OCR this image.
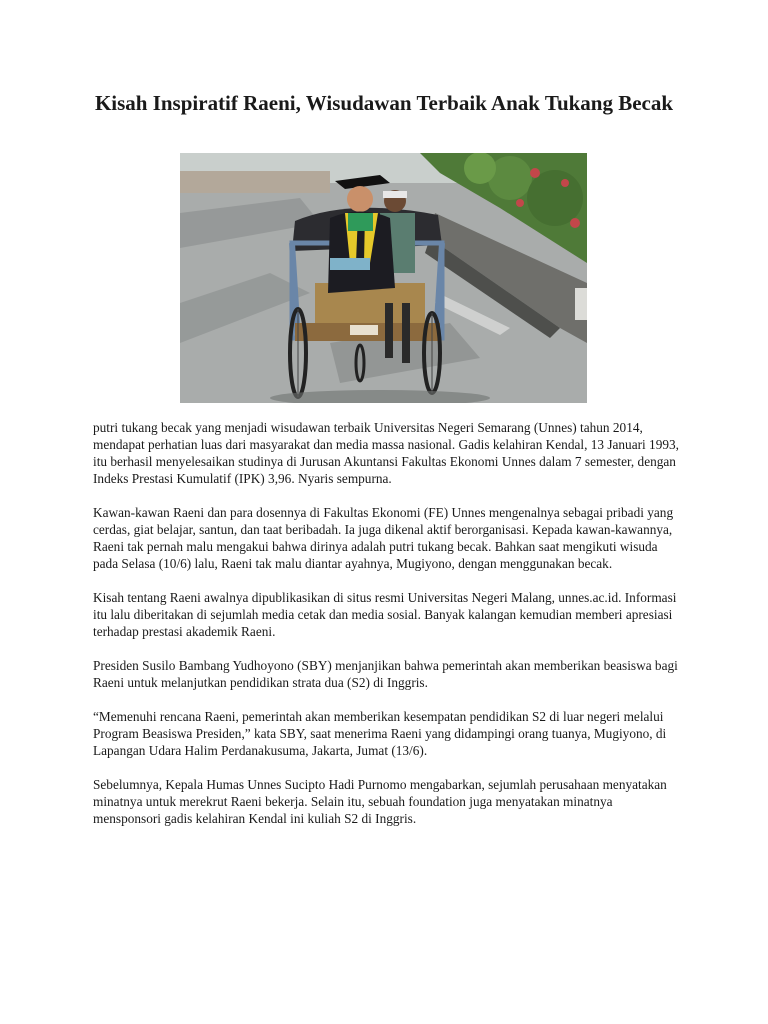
Kisah Inspiratif Raeni, Wisudawan Terbaik Anak Tukang Becak

putri tukang becak yang menjadi wisudawan terbaik Universitas Negeri Semarang (Unnes) tahun 2014, mendapat perhatian luas dari masyarakat dan media massa nasional. Gadis kelahiran Kendal, 13 Januari 1993, itu berhasil menyelesaikan studinya di Jurusan Akuntansi Fakultas Ekonomi Unnes dalam 7 semester, dengan Indeks Prestasi Kumulatif (IPK) 3,96. Nyaris sempurna.

Kawan-kawan Raeni dan para dosennya di Fakultas Ekonomi (FE) Unnes mengenalnya sebagai pribadi yang cerdas, giat belajar, santun, dan taat beribadah. Ia juga dikenal aktif berorganisasi. Kepada kawan-kawannya, Raeni tak pernah malu mengakui bahwa dirinya adalah putri tukang becak. Bahkan saat mengikuti wisuda pada Selasa (10/6) lalu, Raeni tak malu diantar ayahnya, Mugiyono, dengan menggunakan becak.

Kisah tentang Raeni awalnya dipublikasikan di situs resmi Universitas Negeri Malang, unnes.ac.id. Informasi itu lalu diberitakan di sejumlah media cetak dan media sosial. Banyak kalangan kemudian memberi apresiasi terhadap prestasi akademik Raeni.

Presiden Susilo Bambang Yudhoyono (SBY) menjanjikan bahwa pemerintah akan memberikan beasiswa bagi Raeni untuk melanjutkan pendidikan strata dua (S2) di Inggris.

“Memenuhi rencana Raeni, pemerintah akan memberikan kesempatan pendidikan S2 di luar negeri melalui Program Beasiswa Presiden,” kata SBY, saat menerima Raeni yang didampingi orang tuanya, Mugiyono, di Lapangan Udara Halim Perdanakusuma, Jakarta, Jumat (13/6).

Sebelumnya, Kepala Humas Unnes Sucipto Hadi Purnomo mengabarkan, sejumlah perusahaan menyatakan minatnya untuk merekrut Raeni bekerja. Selain itu, sebuah foundation juga menyatakan minatnya mensponsori gadis kelahiran Kendal ini kuliah S2 di Inggris.
